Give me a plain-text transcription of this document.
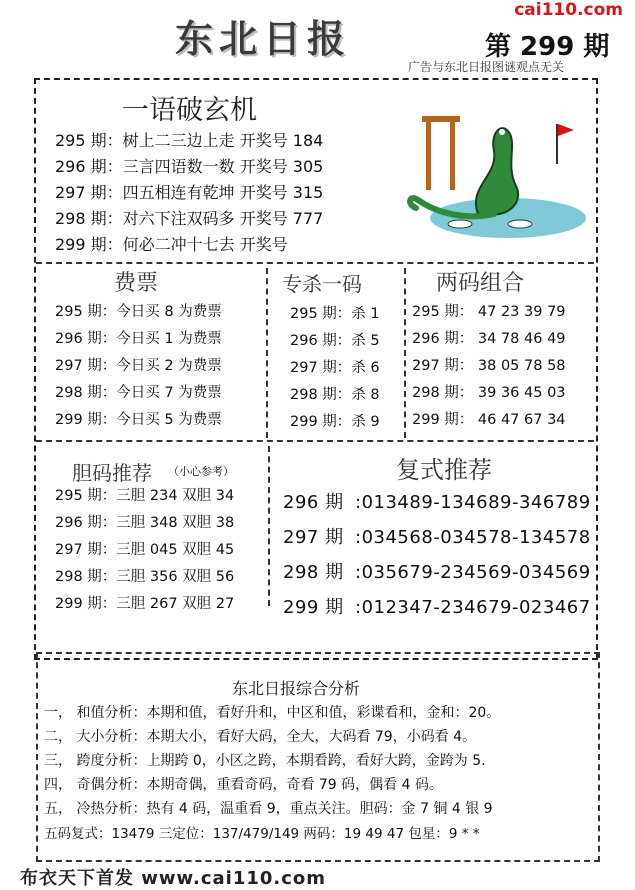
cai110.com
东北日报	第 299 期
广告与东北日报图谜观点无关
一语破玄机
295 期：树上二三边上走 开奖号 184
296 期：三言四语数一数 开奖号 305
297 期：四五相连有乾坤 开奖号 315
298 期：对六下注双码多 开奖号 777
299 期：何必二冲十七去 开奖号
费票
295 期：今日买 8 为费票
296 期：今日买 1 为费票
297 期：今日买 2 为费票
298 期：今日买 7 为费票
299 期：今日买 5 为费票
专杀一码
295 期：杀 1
296 期：杀 5
297 期：杀 6
298 期：杀 8
299 期：杀 9
两码组合
295 期： 47 23 39 79
296 期： 34 78 46 49
297 期： 38 05 78 58
298 期： 39 36 45 03
299 期： 46 47 67 34
胆码推荐 （小心参考）
295 期：三胆 234 双胆 34
296 期：三胆 348 双胆 38
297 期：三胆 045 双胆 45
298 期：三胆 356 双胆 56
299 期：三胆 267 双胆 27
复式推荐
296 期 :013489-134689-346789
297 期 :034568-034578-134578
298 期 :035679-234569-034569
299 期 :012347-234679-023467
东北日报综合分析
一， 和值分析：本期和值，看好升和，中区和值，彩谍看和，金和：20。
二， 大小分析：本期大小，看好大码，全大，大码看 79，小码看 4。
三， 跨度分析：上期跨 0，小区之跨，本期看跨，看好大跨，金跨为 5.
四， 奇偶分析：本期奇偶，重看奇码，奇看 79 码，偶看 4 码。
五， 冷热分析：热有 4 码，温重看 9，重点关注。胆码：金 7 铜 4 银 9
五码复式：13479 三定位：137/479/149 两码：19 49 47 包星：9 * *
布衣天下首发 www.cai110.com
